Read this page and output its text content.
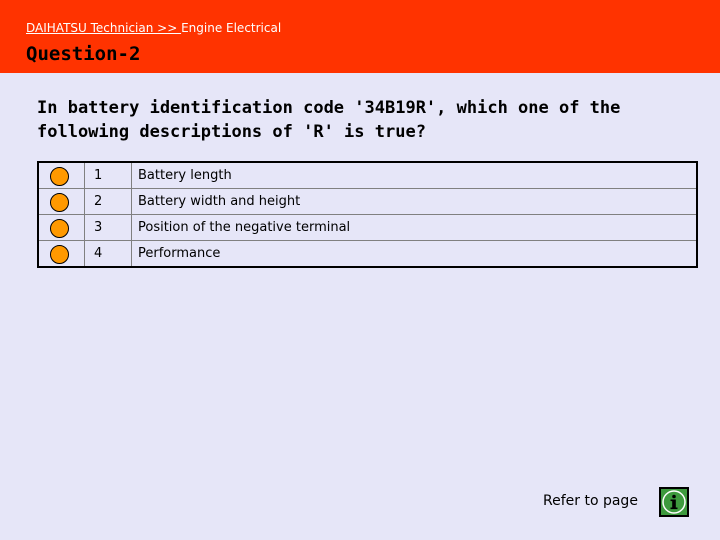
DAIHATSU Technician >> Engine Electrical
Question-2
In battery identification code '34B19R', which one of the following descriptions of 'R' is true?
	1	Battery length

	2	Battery width and height

	3	Position of the negative terminal

	4	Performance
Refer to page
